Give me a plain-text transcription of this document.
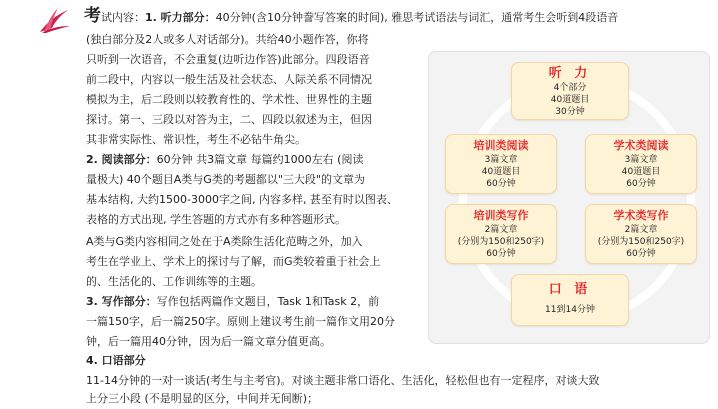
考试内容：1. 听力部分：40分钟(含10分钟誊写答案的时间), 雅思考试语法与词汇，通常考生会听到4段语音
(独白部分及2人或多人对话部分)。共给40小题作答，你将
只听到一次语音，不会重复(边听边作答)此部分。四段语音
前二段中，内容以一般生活及社会状态、人际关系不同情况
模拟为主，后二段则以较教育性的、学术性、世界性的主题
探讨。第一、三段以对答为主，二、四段以叙述为主，但因
其非常实际性、常识性，考生不必钻牛角尖。
2. 阅读部分：60分钟 共3篇文章 每篇约1000左右 (阅读
量极大) 40个题目A类与G类的考题都以"三大段"的文章为
基本结构, 大约1500-3000字之间, 内容多样, 甚至有时以图表、
表格的方式出现, 学生答题的方式亦有多种答题形式。
A类与G类内容相同之处在于A类除生活化范畴之外，加入
考生在学业上、学术上的探讨与了解，而G类较着重于社会上
的、生活化的、工作训练等的主题。
3. 写作部分：写作包括两篇作文题目，Task 1和Task 2，前
一篇150字，后一篇250字。原则上建议考生前一篇作文用20分
钟，后一篇用40分钟，因为后一篇文章分值更高。
4. 口语部分
11-14分钟的一对一谈话(考生与主考官)。对谈主题非常口语化、生活化，轻松但也有一定程序，对谈大致
上分三小段 (不是明显的区分，中间并无间断)；
听 力
4个部分
40道题目
30分钟
培训类阅读
3篇文章
40道题目
60分钟
学术类阅读
3篇文章
40道题目
60分钟
培训类写作
2篇文章
(分别为150和250字)
60分钟
学术类写作
2篇文章
(分别为150和250字)
60分钟
口 语
11到14分钟
